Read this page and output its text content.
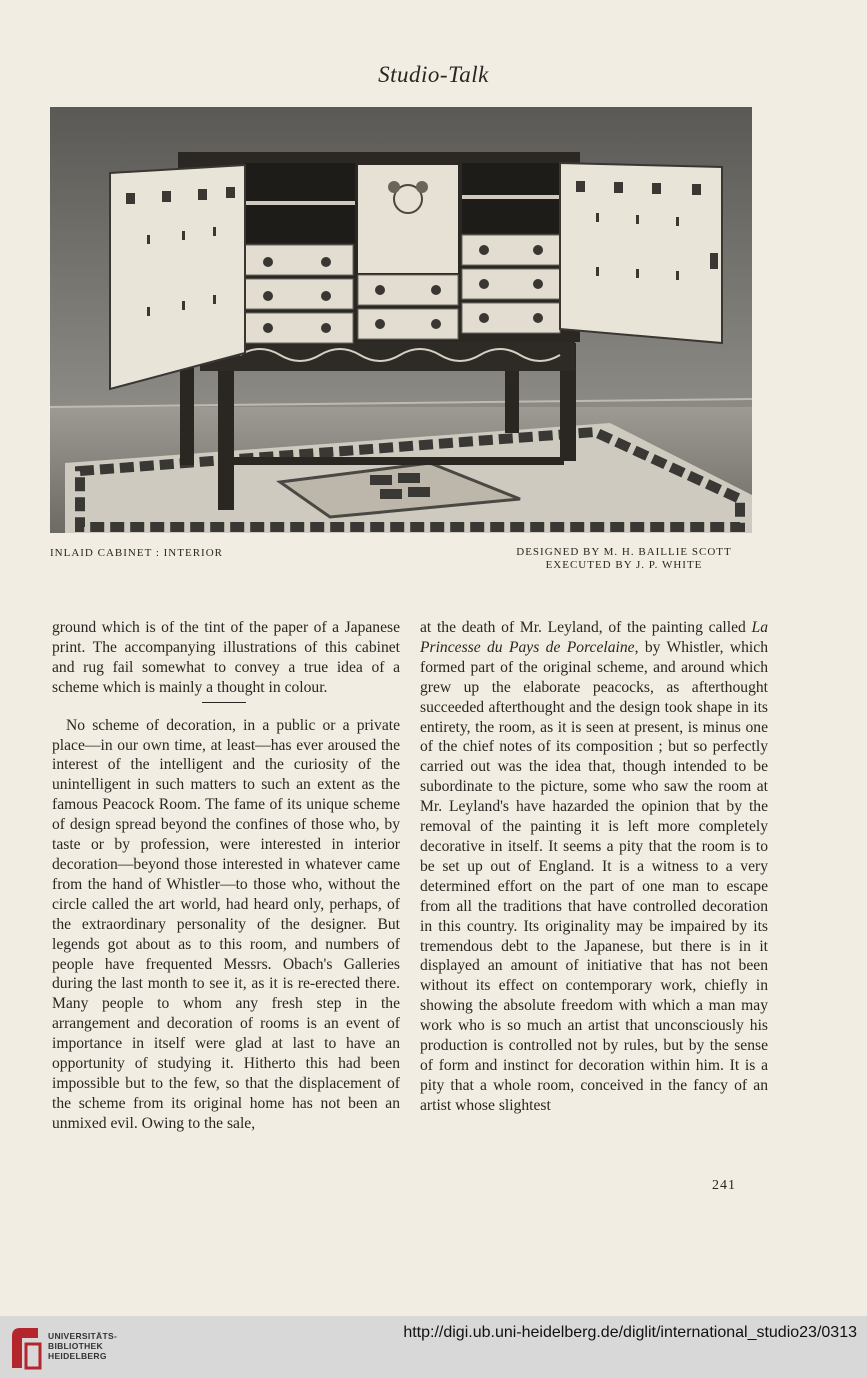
Studio-Talk
INLAID CABINET : INTERIOR	DESIGNED BY M. H. BAILLIE SCOTT
EXECUTED BY J. P. WHITE

ground which is of the tint of the paper of a Japanese print. The accompanying illustrations of this cabinet and rug fail somewhat to convey a true idea of a scheme which is mainly a thought in colour.

No scheme of decoration, in a public or a private place—in our own time, at least—has ever aroused the interest of the intelligent and the curiosity of the unintelligent in such matters to such an extent as the famous Peacock Room. The fame of its unique scheme of design spread beyond the confines of those who, by taste or by profession, were interested in interior decoration—beyond those interested in whatever came from the hand of Whistler—to those who, without the circle called the art world, had heard only, perhaps, of the extraordinary personality of the designer. But legends got about as to this room, and numbers of people have frequented Messrs. Obach's Galleries during the last month to see it, as it is re-erected there. Many people to whom any fresh step in the arrangement and decoration of rooms is an event of importance in itself were glad at last to have an opportunity of studying it. Hitherto this had been impossible but to the few, so that the displacement of the scheme from its original home has not been an unmixed evil. Owing to the sale,

at the death of Mr. Leyland, of the painting called La Princesse du Pays de Porcelaine, by Whistler, which formed part of the original scheme, and around which grew up the elaborate peacocks, as afterthought succeeded afterthought and the design took shape in its entirety, the room, as it is seen at present, is minus one of the chief notes of its composition ; but so perfectly carried out was the idea that, though intended to be subordinate to the picture, some who saw the room at Mr. Leyland's have hazarded the opinion that by the removal of the painting it is left more completely decorative in itself. It seems a pity that the room is to be set up out of England. It is a witness to a very determined effort on the part of one man to escape from all the traditions that have controlled decoration in this country. Its originality may be impaired by its tremendous debt to the Japanese, but there is in it displayed an amount of initiative that has not been without its effect on contemporary work, chiefly in showing the absolute freedom with which a man may work who is so much an artist that unconsciously his production is controlled not by rules, but by the sense of form and instinct for decoration within him. It is a pity that a whole room, conceived in the fancy of an artist whose slightest

241
UNIVERSITÄTS-
BIBLIOTHEK
HEIDELBERG
http://digi.ub.uni-heidelberg.de/diglit/international_studio23/0313
